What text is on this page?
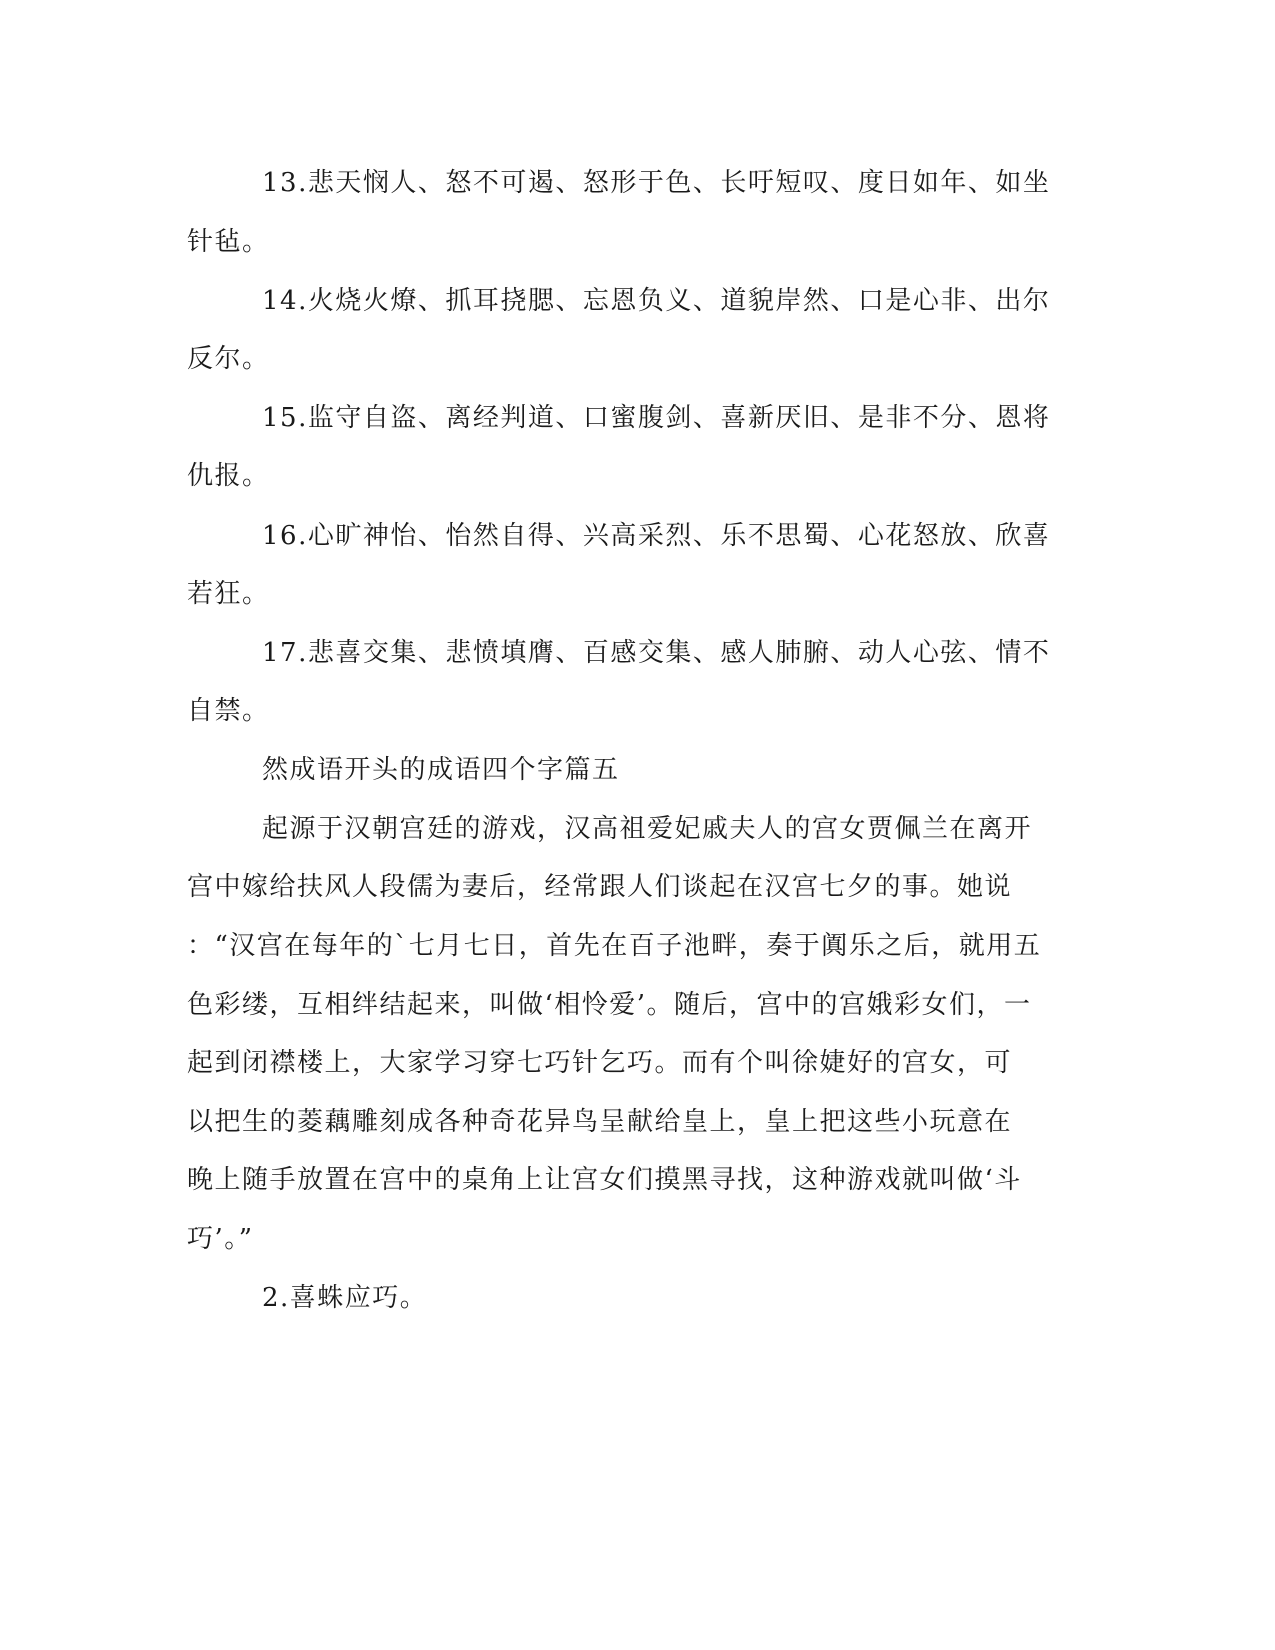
13.悲天悯人、怒不可遏、怒形于色、长吁短叹、度日如年、如坐
针毡。
14.火烧火燎、抓耳挠腮、忘恩负义、道貌岸然、口是心非、出尔
反尔。
15.监守自盗、离经判道、口蜜腹剑、喜新厌旧、是非不分、恩将
仇报。
16.心旷神怡、怡然自得、兴高采烈、乐不思蜀、心花怒放、欣喜
若狂。
17.悲喜交集、悲愤填膺、百感交集、感人肺腑、动人心弦、情不
自禁。
然成语开头的成语四个字篇五
起源于汉朝宫廷的游戏，汉高祖爱妃戚夫人的宫女贾佩兰在离开
宫中嫁给扶风人段儒为妻后，经常跟人们谈起在汉宫七夕的事。她说
：“汉宫在每年的`七月七日，首先在百子池畔，奏于阗乐之后，就用五
色彩缕，互相绊结起来，叫做‘相怜爱’。随后，宫中的宫娥彩女们，一
起到闭襟楼上，大家学习穿七巧针乞巧。而有个叫徐婕好的宫女，可
以把生的菱藕雕刻成各种奇花异鸟呈献给皇上，皇上把这些小玩意在
晚上随手放置在宫中的桌角上让宫女们摸黑寻找，这种游戏就叫做‘斗
巧’。”
2.喜蛛应巧。
